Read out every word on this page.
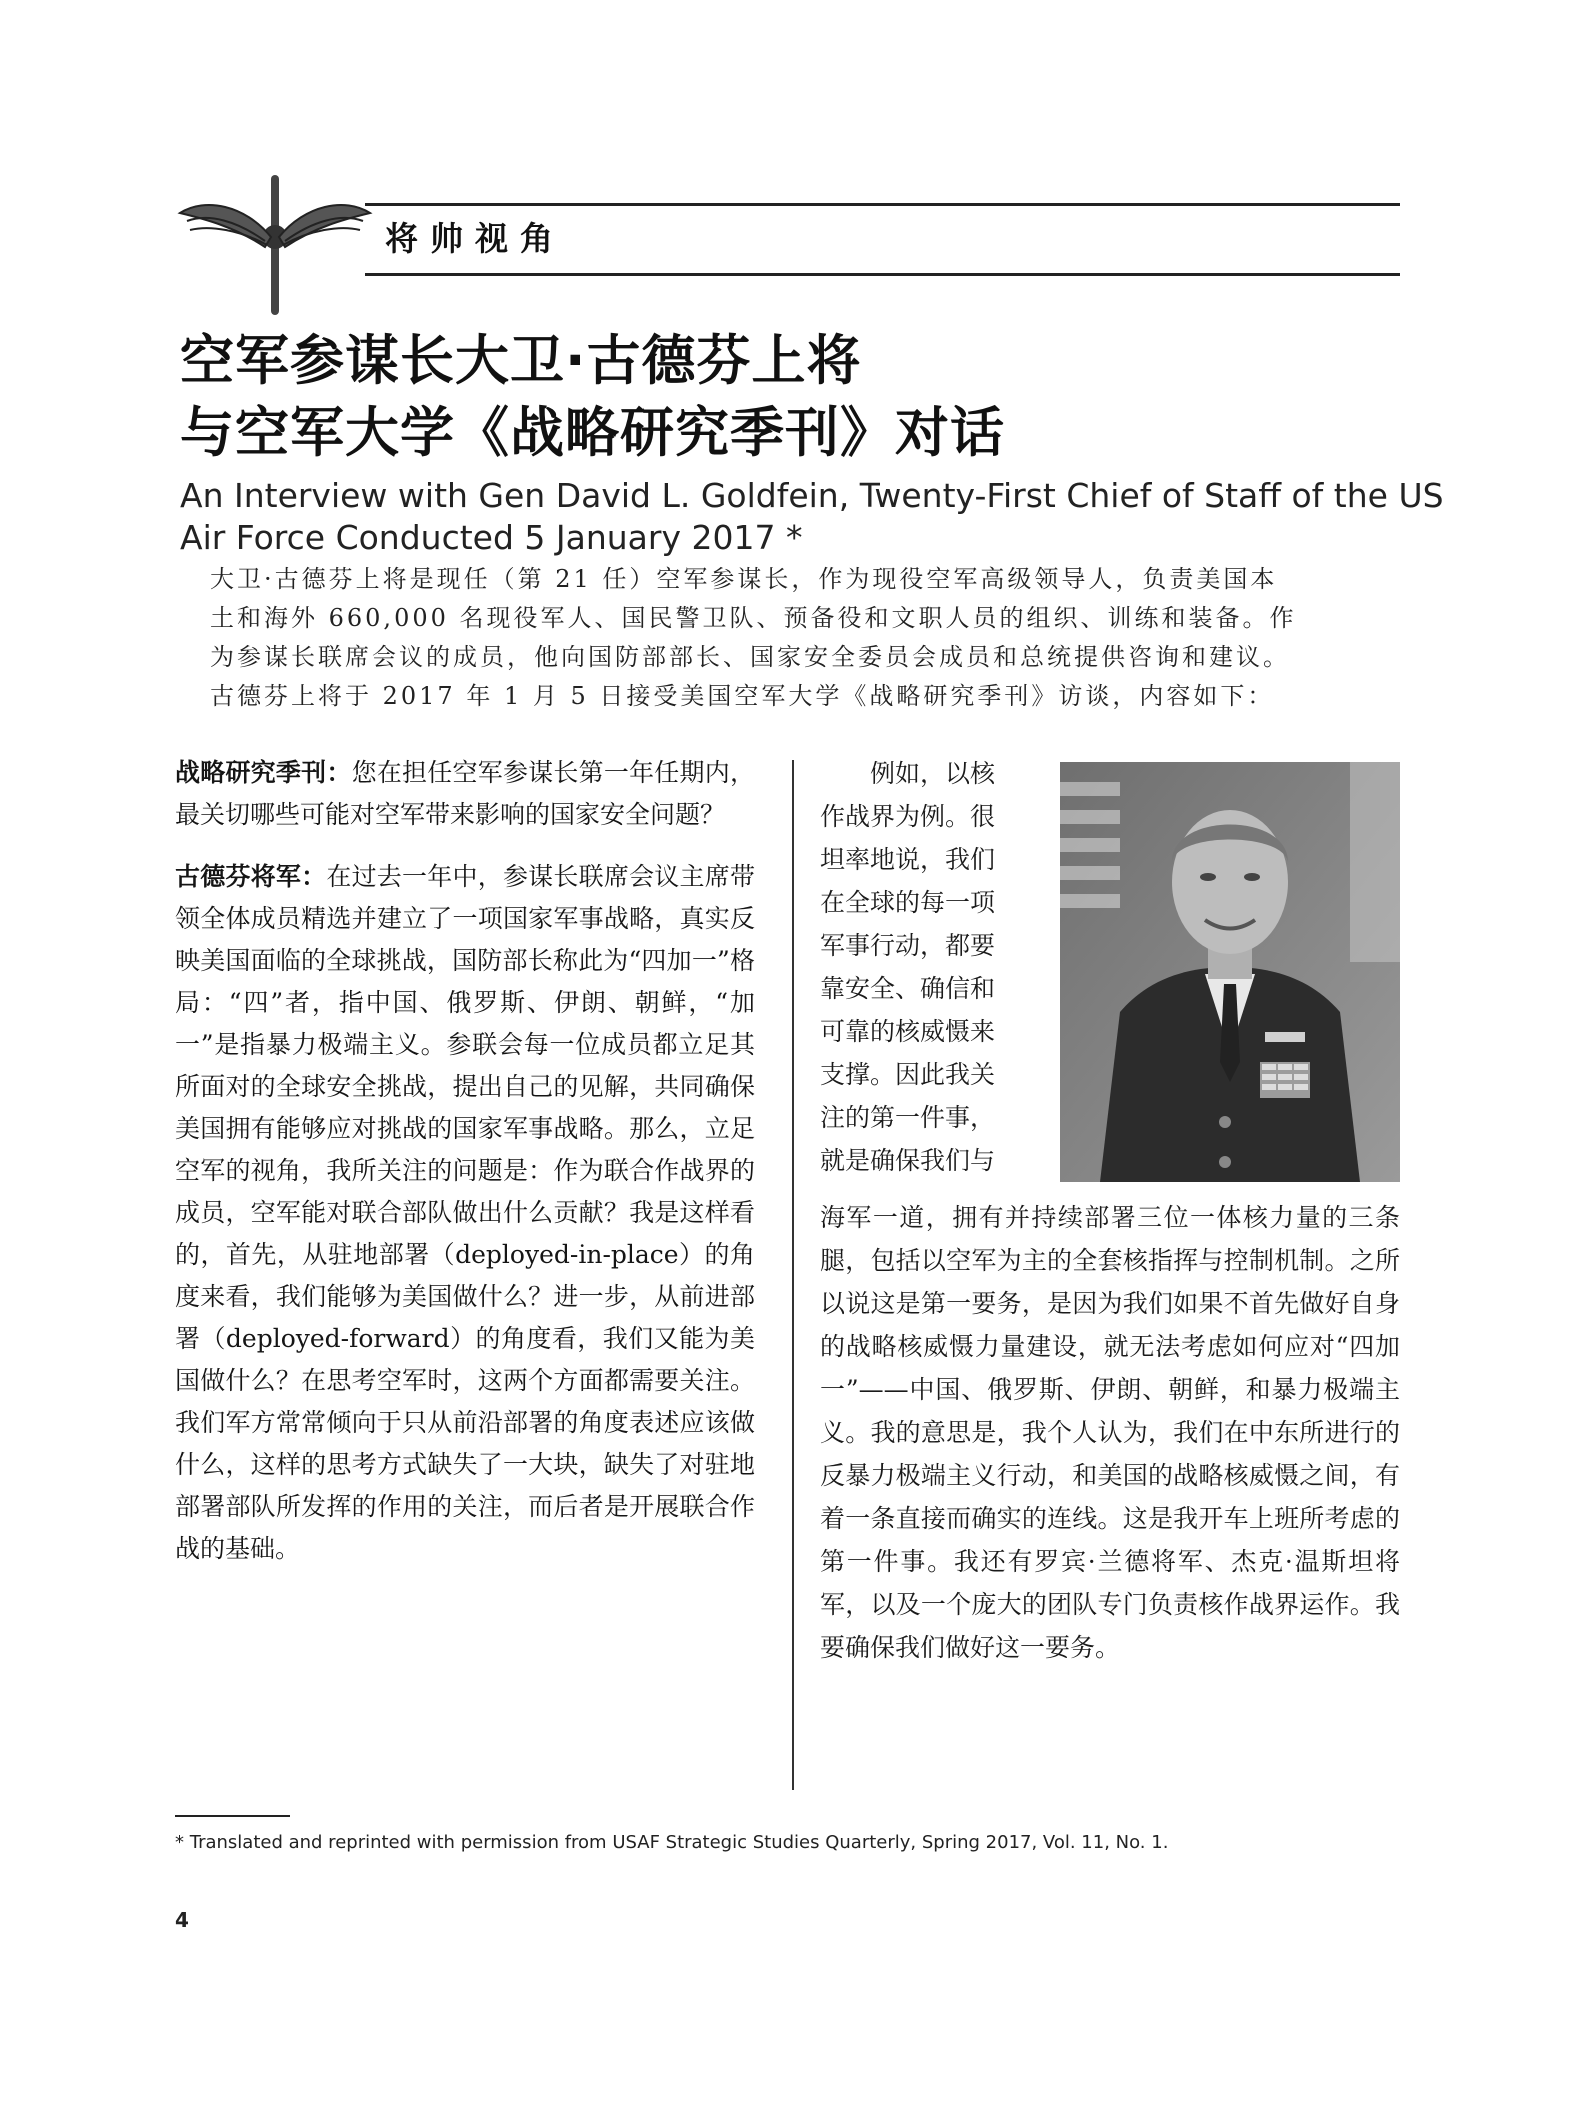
将帅视角
空军参谋长大卫·古德芬上将
与空军大学《战略研究季刊》对话
An Interview with Gen David L. Goldfein, Twenty-First Chief of Staff of the US
Air Force Conducted 5 January 2017 *

大卫·古德芬上将是现任（第 21 任）空军参谋长，作为现役空军高级领导人，负责美国本

土和海外 660,000 名现役军人、国民警卫队、预备役和文职人员的组织、训练和装备。作

为参谋长联席会议的成员，他向国防部部长、国家安全委员会成员和总统提供咨询和建议。

古德芬上将于 2017 年 1 月 5 日接受美国空军大学《战略研究季刊》访谈，内容如下：

战略研究季刊：您在担任空军参谋长第一年任期内，最关切哪些可能对空军带来影响的国家安全问题？

古德芬将军：在过去一年中，参谋长联席会议主席带领全体成员精选并建立了一项国家军事战略，真实反映美国面临的全球挑战，国防部长称此为“四加一”格局：“四”者，指中国、俄罗斯、伊朗、朝鲜，“加一”是指暴力极端主义。参联会每一位成员都立足其所面对的全球安全挑战，提出自己的见解，共同确保美国拥有能够应对挑战的国家军事战略。那么，立足空军的视角，我所关注的问题是：作为联合作战界的成员，空军能对联合部队做出什么贡献？我是这样看的，首先，从驻地部署（deployed-in-place）的角度来看，我们能够为美国做什么？进一步，从前进部署（deployed-forward）的角度看，我们又能为美国做什么？在思考空军时，这两个方面都需要关注。我们军方常常倾向于只从前沿部署的角度表述应该做什么，这样的思考方式缺失了一大块，缺失了对驻地部署部队所发挥的作用的关注，而后者是开展联合作战的基础。

　　例如，以核

作战界为例。很

坦率地说，我们

在全球的每一项

军事行动，都要

靠安全、确信和

可靠的核威慑来

支撑。因此我关

注的第一件事，

就是确保我们与

海军一道，拥有并持续部署三位一体核力量的三条腿，包括以空军为主的全套核指挥与控制机制。之所以说这是第一要务，是因为我们如果不首先做好自身的战略核威慑力量建设，就无法考虑如何应对“四加一”——中国、俄罗斯、伊朗、朝鲜，和暴力极端主义。我的意思是，我个人认为，我们在中东所进行的反暴力极端主义行动，和美国的战略核威慑之间，有着一条直接而确实的连线。这是我开车上班所考虑的第一件事。我还有罗宾·兰德将军、杰克·温斯坦将军，以及一个庞大的团队专门负责核作战界运作。我要确保我们做好这一要务。

* Translated and reprinted with permission from USAF Strategic Studies Quarterly, Spring 2017, Vol. 11, No. 1.
4
